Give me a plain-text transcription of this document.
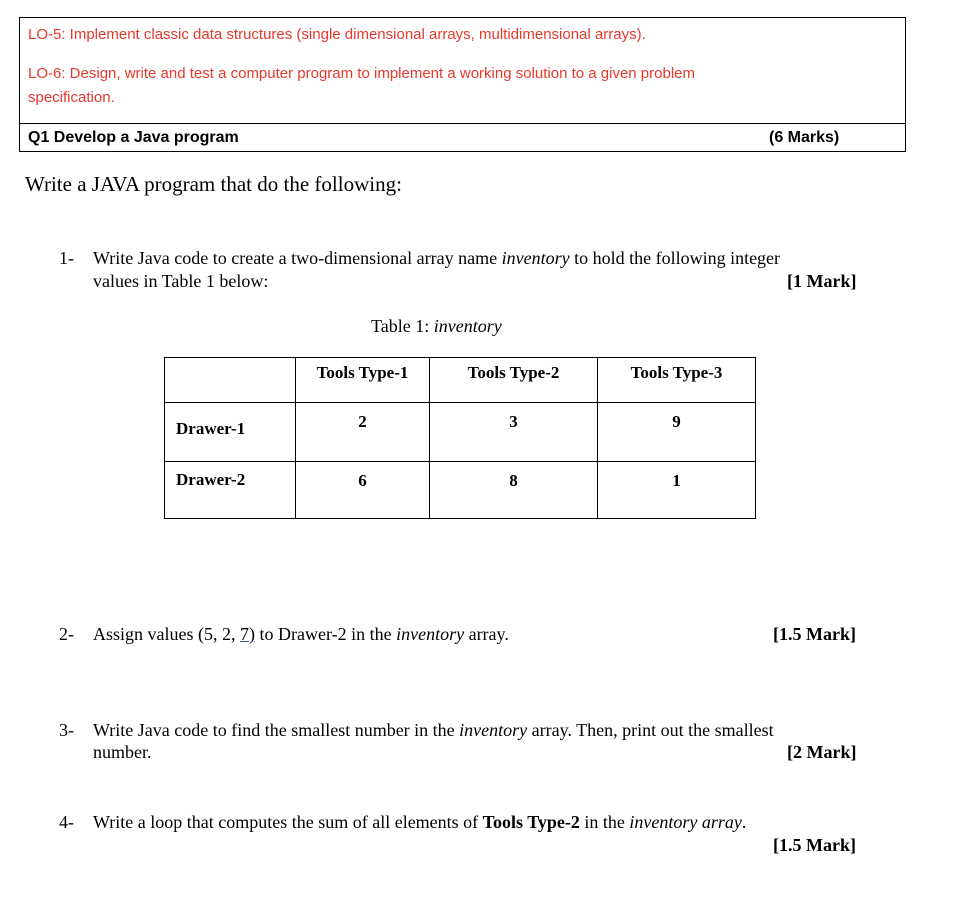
LO-5: Implement classic data structures (single dimensional arrays, multidimensional arrays).
LO-6: Design, write and test a computer program to implement a working solution to a given problem
specification.
Q1 Develop a Java program	(6 Marks)
Write a JAVA program that do the following:
1- Write Java code to create a two-dimensional array name inventory to hold the following integer
values in Table 1 below:	[1 Mark]
Table 1: inventory
	Tools Type-1	Tools Type-2	Tools Type-3
Drawer-1	2	3	9
Drawer-2	6	8	1
2- Assign values (5, 2, 7) to Drawer-2 in the inventory array.	[1.5 Mark]
3- Write Java code to find the smallest number in the inventory array. Then, print out the smallest
number.	[2 Mark]
4- Write a loop that computes the sum of all elements of Tools Type-2 in the inventory array.
[1.5 Mark]
